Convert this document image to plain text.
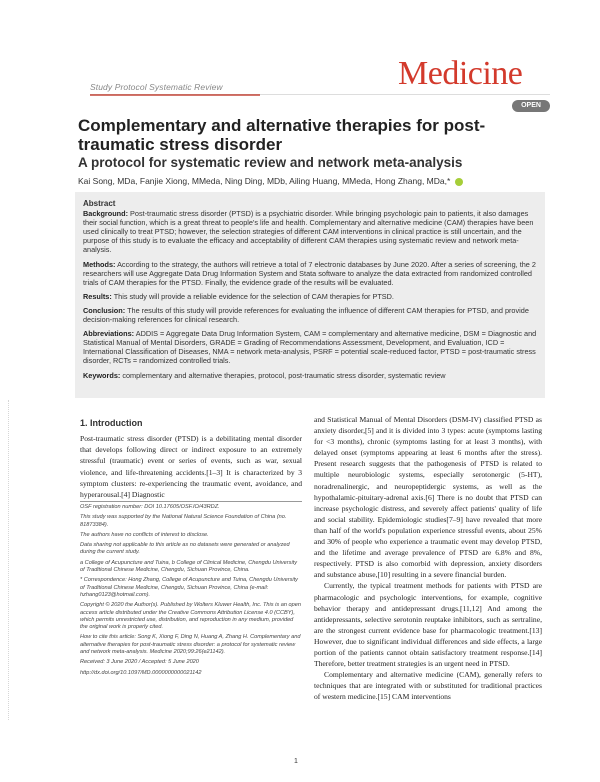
Study Protocol Systematic Review	Medicine
OPEN
Complementary and alternative therapies for post-traumatic stress disorder
A protocol for systematic review and network meta-analysis
Kai Song, MDa, Fanjie Xiong, MMeda, Ning Ding, MDb, Ailing Huang, MMeda, Hong Zhang, MDa,*
Abstract

Background: Post-traumatic stress disorder (PTSD) is a psychiatric disorder. While bringing psychologic pain to patients, it also damages their social function, which is a great threat to people's life and health. Complementary and alternative medicine (CAM) therapies have been used clinically to treat PTSD; however, the selection strategies of different CAM interventions in clinical practice is still uncertain, and the purpose of this study is to evaluate the efficacy and acceptability of different CAM therapies using systematic review and network meta-analysis.

Methods: According to the strategy, the authors will retrieve a total of 7 electronic databases by June 2020. After a series of screening, the 2 researchers will use Aggregate Data Drug Information System and Stata software to analyze the data extracted from randomized controlled trials of CAM therapies for the PTSD. Finally, the evidence grade of the results will be evaluated.

Results: This study will provide a reliable evidence for the selection of CAM therapies for PTSD.

Conclusion: The results of this study will provide references for evaluating the influence of different CAM therapies for PTSD, and provide decision-making references for clinical research.

Abbreviations: ADDIS = Aggregate Data Drug Information System, CAM = complementary and alternative medicine, DSM = Diagnostic and Statistical Manual of Mental Disorders, GRADE = Grading of Recommendations Assessment, Development, and Evaluation, ICD = International Classification of Diseases, NMA = network meta-analysis, PSRF = potential scale-reduced factor, PTSD = post-traumatic stress disorder, RCTs = randomized controlled trials.

Keywords: complementary and alternative therapies, protocol, post-traumatic stress disorder, systematic review

1. Introduction
Post-traumatic stress disorder (PTSD) is a debilitating mental disorder that develops following direct or indirect exposure to an extremely stressful (traumatic) event or series of events, such as war, sexual violence, and life-threatening accidents.[1–3] It is characterized by 3 symptom clusters: re-experiencing the traumatic event, avoidance, and hyperarousal.[4] Diagnostic

OSF registration number: DOI 10.17605/OSF.IO/43RDZ.

This study was supported by the National Natural Science Foundation of China (no. 81873384).

The authors have no conflicts of interest to disclose.

Data sharing not applicable to this article as no datasets were generated or analyzed during the current study.

a College of Acupuncture and Tuina, b College of Clinical Medicine, Chengdu University of Traditional Chinese Medicine, Chengdu, Sichuan Province, China.

* Correspondence: Hong Zhang, College of Acupuncture and Tuina, Chengdu University of Traditional Chinese Medicine, Chengdu, Sichuan Province, China (e-mail: hzhang0123@hotmail.com).

Copyright © 2020 the Author(s). Published by Wolters Kluwer Health, Inc. This is an open access article distributed under the Creative Commons Attribution License 4.0 (CCBY), which permits unrestricted use, distribution, and reproduction in any medium, provided the original work is properly cited.

How to cite this article: Song K, Xiong F, Ding N, Huang A, Zhang H. Complementary and alternative therapies for post-traumatic stress disorder: a protocol for systematic review and network meta-analysis. Medicine 2020;99:26(e21142).

Received: 3 June 2020 / Accepted: 5 June 2020

http://dx.doi.org/10.1097/MD.0000000000021142

and Statistical Manual of Mental Disorders (DSM-IV) classified PTSD as anxiety disorder,[5] and it is divided into 3 types: acute (symptoms lasting for <3 months), chronic (symptoms lasting for at least 3 months), with delayed onset (symptoms appearing at least 6 months after the stress). Present research suggests that the pathogenesis of PTSD is related to multiple neurobiologic systems, especially serotonergic (5-HT), noradrenalinergic, and neuropeptidergic systems, as well as the hypothalamic-pituitary-adrenal axis.[6] There is no doubt that PTSD can increase psychologic distress, and severely affect patients' quality of life and social stability. Epidemiologic studies[7–9] have revealed that more than half of the world's population experience stressful events, about 25% and 30% of people who experience a traumatic event may develop PTSD, and the lifetime and average prevalence of PTSD are 6.8% and 8%, respectively. PTSD is also comorbid with depression, anxiety disorders and substance abuse,[10] resulting in a severe financial burden.

Currently, the typical treatment methods for patients with PTSD are pharmacologic and psychologic interventions, for example, cognitive behavior therapy and antidepressant drugs.[11,12] And among the antidepressants, selective serotonin reuptake inhibitors, such as sertraline, are the strongest current evidence base for pharmacologic treatment.[13] However, due to significant individual differences and side effects, a large portion of the patients cannot obtain satisfactory treatment response.[14] Therefore, better treatment strategies is an urgent need in PTSD.

Complementary and alternative medicine (CAM), generally refers to techniques that are integrated with or substituted for traditional practices of western medicine.[15] CAM interventions

1
